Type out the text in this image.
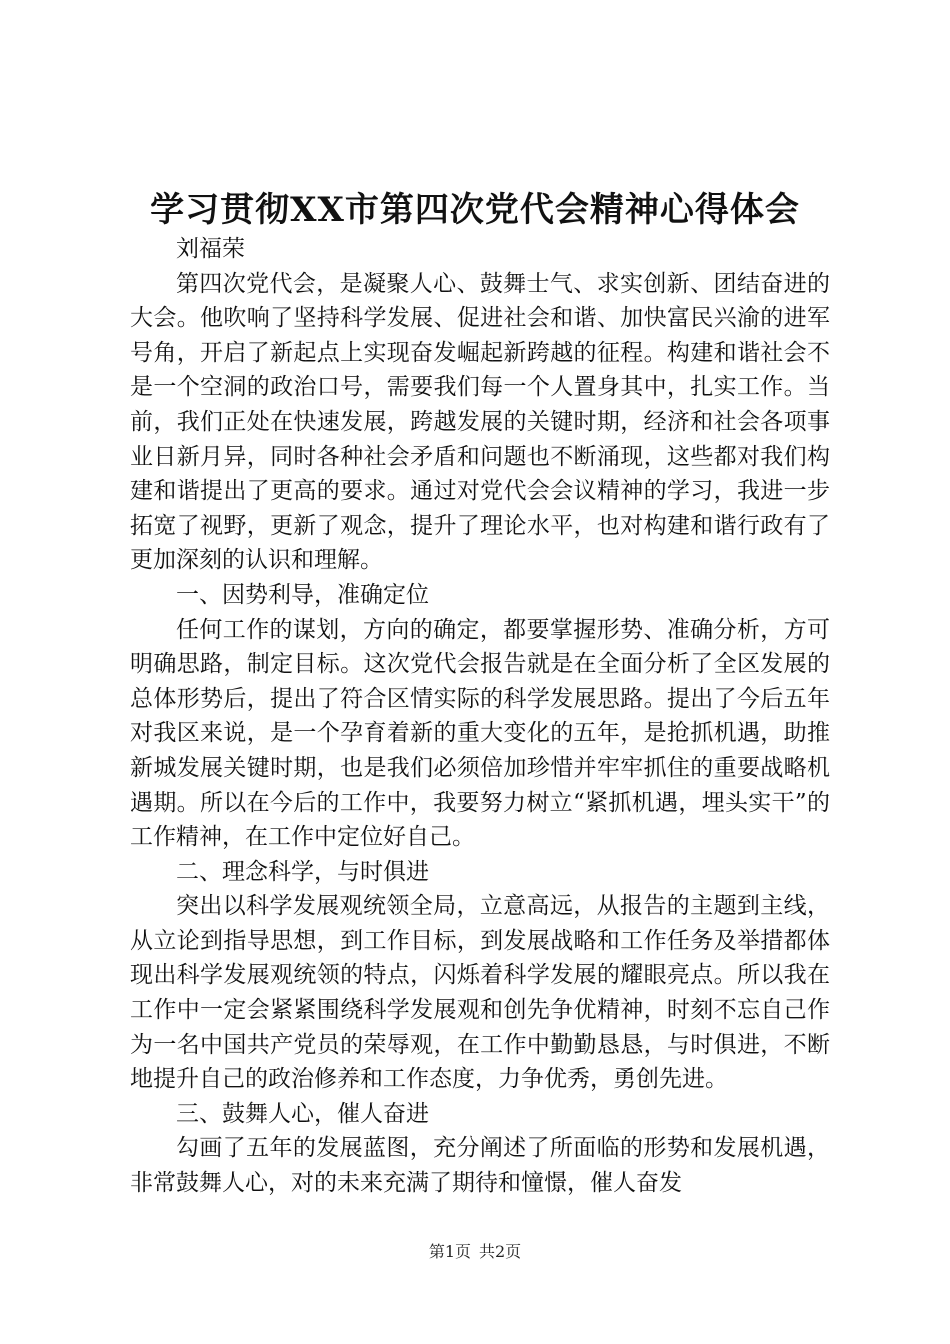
学习贯彻XX市第四次党代会精神心得体会

刘福荣

第四次党代会，是凝聚人心、鼓舞士气、求实创新、团结奋进的大会。他吹响了坚持科学发展、促进社会和谐、加快富民兴渝的进军号角，开启了新起点上实现奋发崛起新跨越的征程。构建和谐社会不是一个空洞的政治口号，需要我们每一个人置身其中，扎实工作。当前，我们正处在快速发展，跨越发展的关键时期，经济和社会各项事业日新月异，同时各种社会矛盾和问题也不断涌现，这些都对我们构建和谐提出了更高的要求。通过对党代会会议精神的学习，我进一步拓宽了视野，更新了观念，提升了理论水平，也对构建和谐行政有了更加深刻的认识和理解。

一、因势利导，准确定位

任何工作的谋划，方向的确定，都要掌握形势、准确分析，方可明确思路，制定目标。这次党代会报告就是在全面分析了全区发展的总体形势后，提出了符合区情实际的科学发展思路。提出了今后五年对我区来说，是一个孕育着新的重大变化的五年，是抢抓机遇，助推新城发展关键时期，也是我们必须倍加珍惜并牢牢抓住的重要战略机遇期。所以在今后的工作中，我要努力树立“紧抓机遇，埋头实干”的工作精神，在工作中定位好自己。

二、理念科学，与时俱进

突出以科学发展观统领全局，立意高远，从报告的主题到主线，从立论到指导思想，到工作目标，到发展战略和工作任务及举措都体现出科学发展观统领的特点，闪烁着科学发展的耀眼亮点。所以我在工作中一定会紧紧围绕科学发展观和创先争优精神，时刻不忘自己作为一名中国共产党员的荣辱观，在工作中勤勤恳恳，与时俱进，不断地提升自己的政治修养和工作态度，力争优秀，勇创先进。

三、鼓舞人心，催人奋进

勾画了五年的发展蓝图，充分阐述了所面临的形势和发展机遇，非常鼓舞人心，对的未来充满了期待和憧憬，催人奋发

第1页 共2页
